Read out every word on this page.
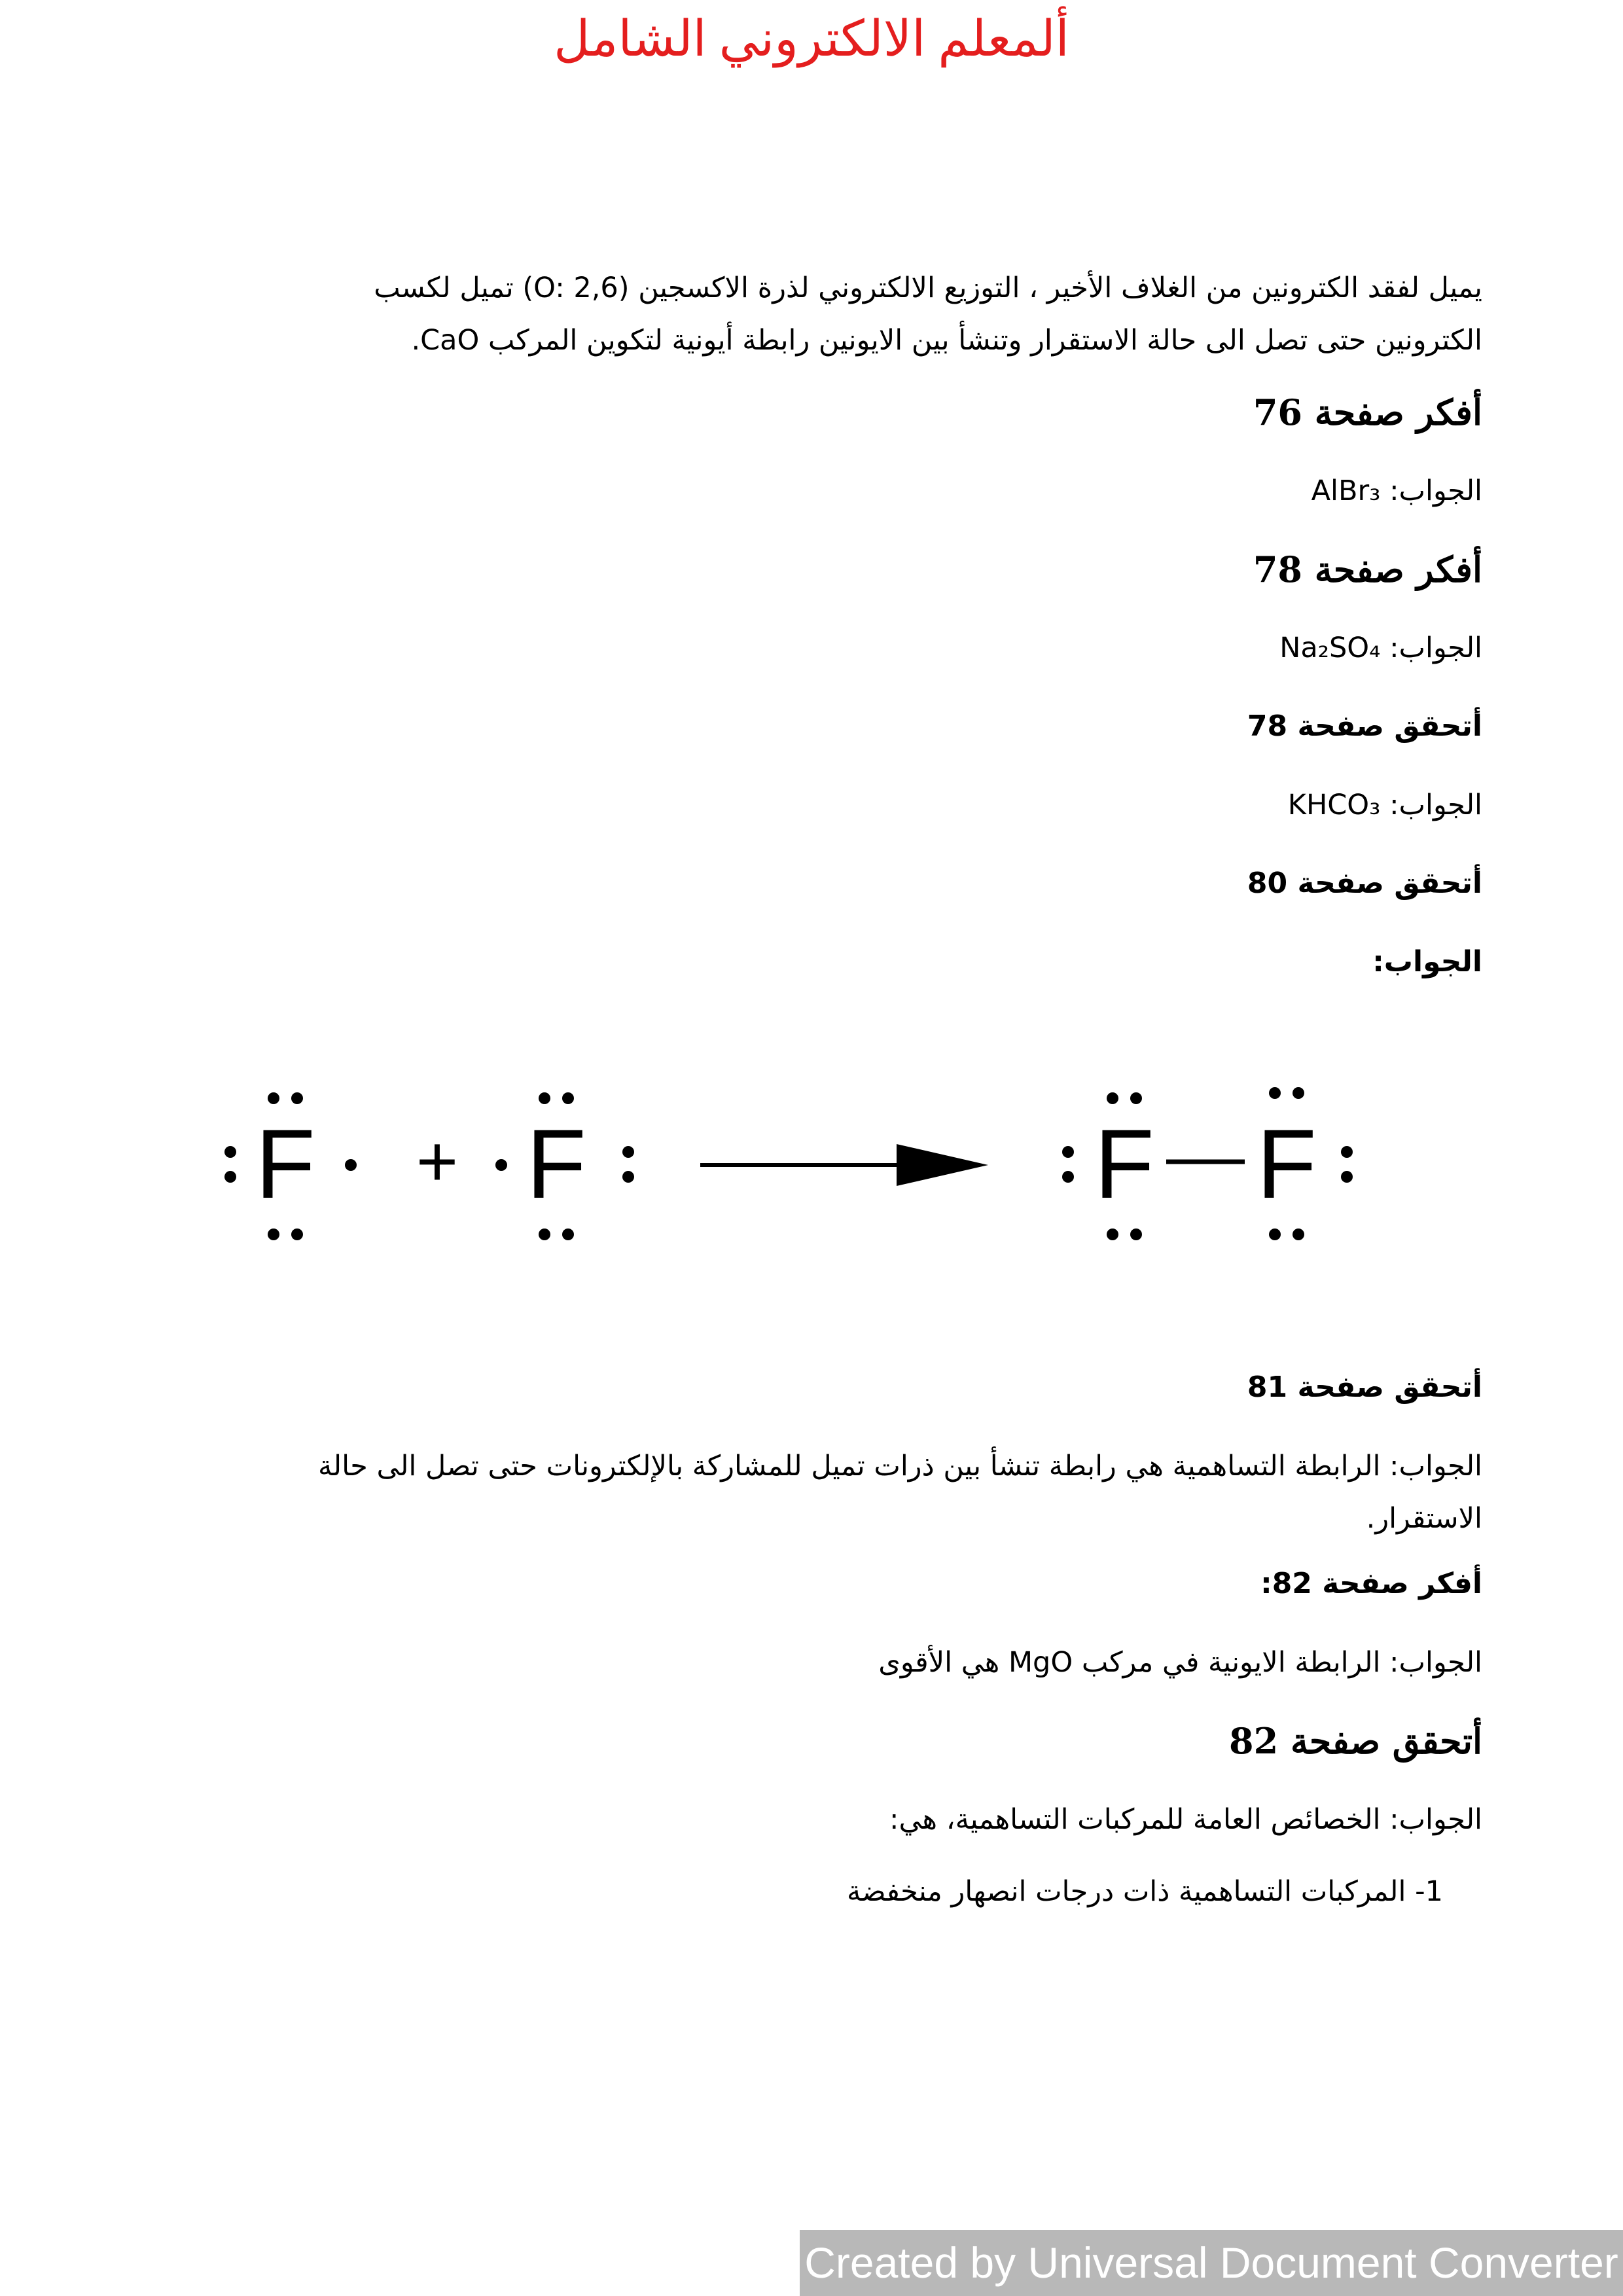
ألمعلم الالكتروني الشامل

يميل لفقد الكترونين من الغلاف الأخير ، التوزيع الالكتروني لذرة الاكسجين (O: 2,6) تميل لكسب

الكترونين حتى تصل الى حالة الاستقرار وتنشأ بين الايونين رابطة أيونية لتكوين المركب CaO.

أفكر صفحة 76

الجواب: AlBr₃

أفكر صفحة 78

الجواب: Na₂SO₄

أتحقق صفحة 78

الجواب: KHCO₃

أتحقق صفحة 80

الجواب:

F F	F F
+

أتحقق صفحة 81

الجواب: الرابطة التساهمية هي رابطة تنشأ بين ذرات تميل للمشاركة بالإلكترونات حتى تصل الى حالة

الاستقرار.

أفكر صفحة 82:

الجواب: الرابطة الايونية في مركب MgO هي الأقوى

أتحقق صفحة 82

الجواب: الخصائص العامة للمركبات التساهمية، هي:

1- المركبات التساهمية ذات درجات انصهار منخفضة

Created by Universal Document Converter
